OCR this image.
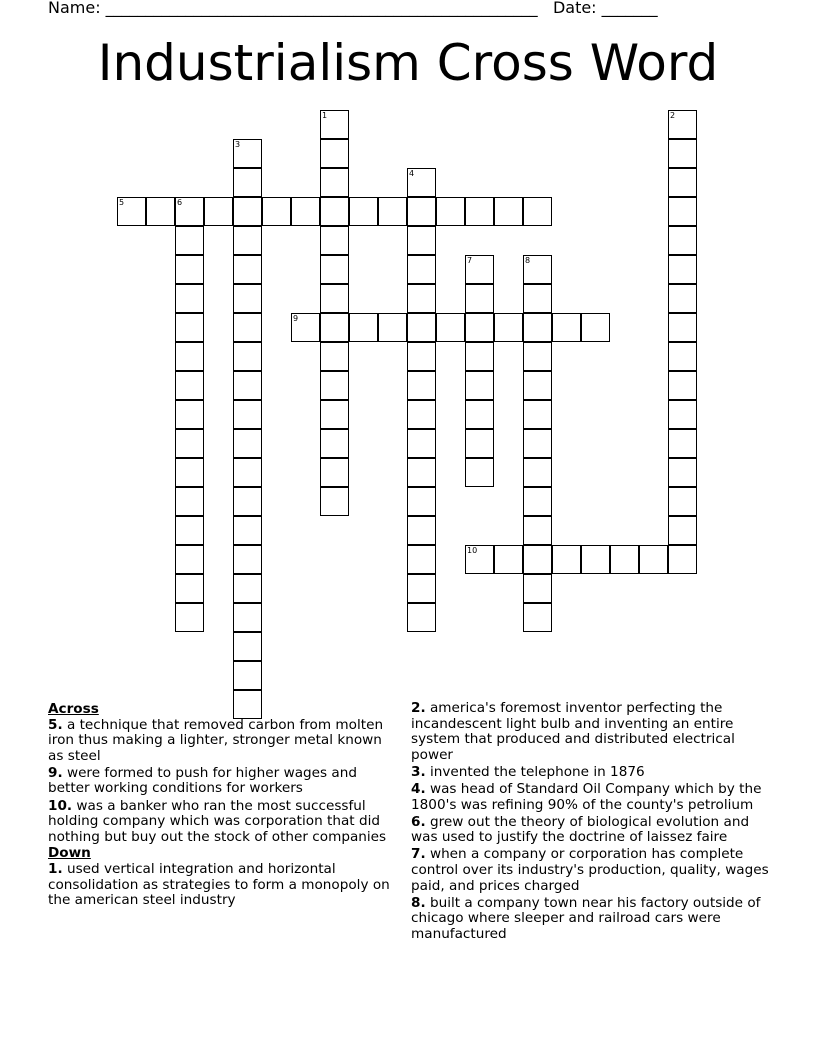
Name: ______________________________________________________   Date: _______
Industrialism Cross Word
1	2
3
4
5	6
7	8
9
10
Across
5. a technique that removed carbon from molten iron thus making a lighter, stronger metal known as steel
9. were formed to push for higher wages and better working conditions for workers
10. was a banker who ran the most successful holding company which was corporation that did nothing but buy out the stock of other companies
Down
1. used vertical integration and horizontal consolidation as strategies to form a monopoly on the american steel industry
2. america's foremost inventor perfecting the incandescent light bulb and inventing an entire system that produced and distributed electrical power
3. invented the telephone in 1876
4. was head of Standard Oil Company which by the 1800's was refining 90% of the county's petrolium
6. grew out the theory of biological evolution and was used to justify the doctrine of laissez faire
7. when a company or corporation has complete control over its industry's production, quality, wages paid, and prices charged
8. built a company town near his factory outside of chicago where sleeper and railroad cars were manufactured
